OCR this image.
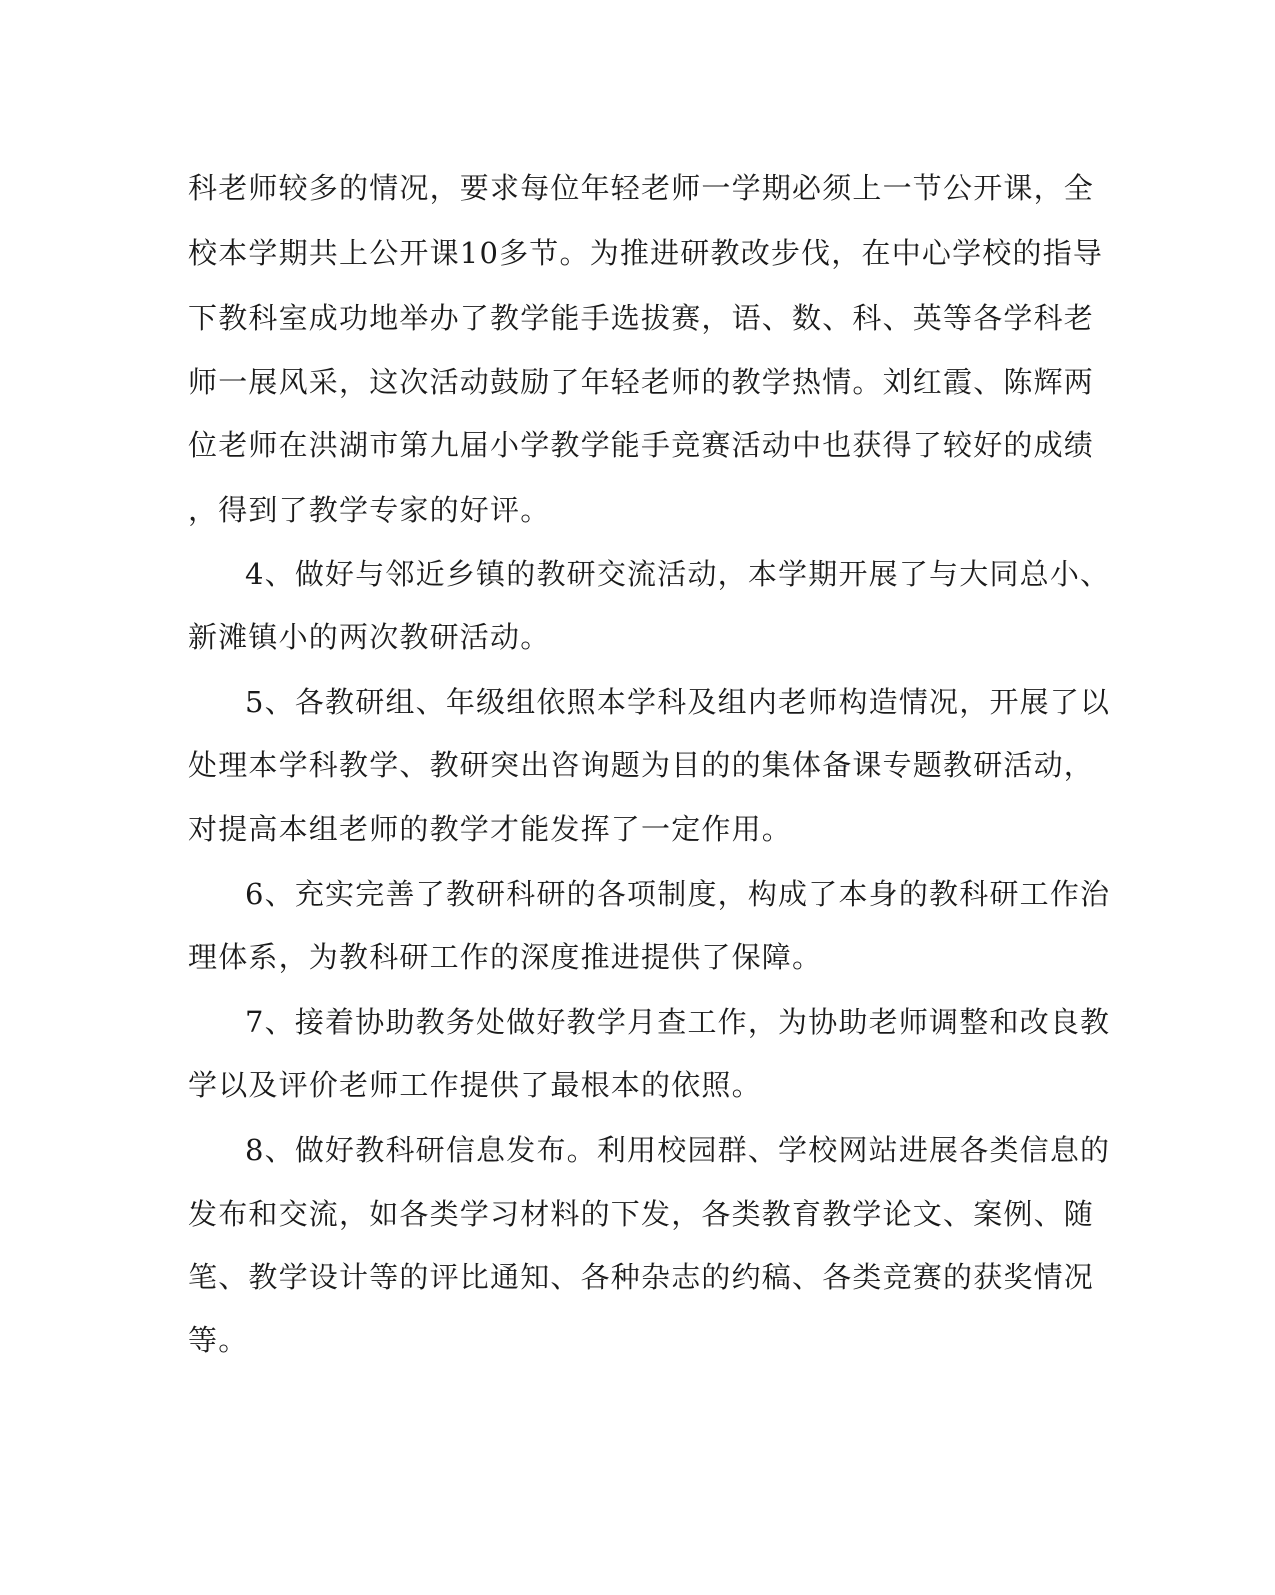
科老师较多的情况，要求每位年轻老师一学期必须上一节公开课，全
校本学期共上公开课10多节。为推进研教改步伐，在中心学校的指导
下教科室成功地举办了教学能手选拔赛，语、数、科、英等各学科老
师一展风采，这次活动鼓励了年轻老师的教学热情。刘红霞、陈辉两
位老师在洪湖市第九届小学教学能手竞赛活动中也获得了较好的成绩
，得到了教学专家的好评。
4、做好与邻近乡镇的教研交流活动，本学期开展了与大同总小、
新滩镇小的两次教研活动。
5、各教研组、年级组依照本学科及组内老师构造情况，开展了以
处理本学科教学、教研突出咨询题为目的的集体备课专题教研活动，
对提高本组老师的教学才能发挥了一定作用。
6、充实完善了教研科研的各项制度，构成了本身的教科研工作治
理体系，为教科研工作的深度推进提供了保障。
7、接着协助教务处做好教学月查工作，为协助老师调整和改良教
学以及评价老师工作提供了最根本的依照。
8、做好教科研信息发布。利用校园群、学校网站进展各类信息的
发布和交流，如各类学习材料的下发，各类教育教学论文、案例、随
笔、教学设计等的评比通知、各种杂志的约稿、各类竞赛的获奖情况
等。
